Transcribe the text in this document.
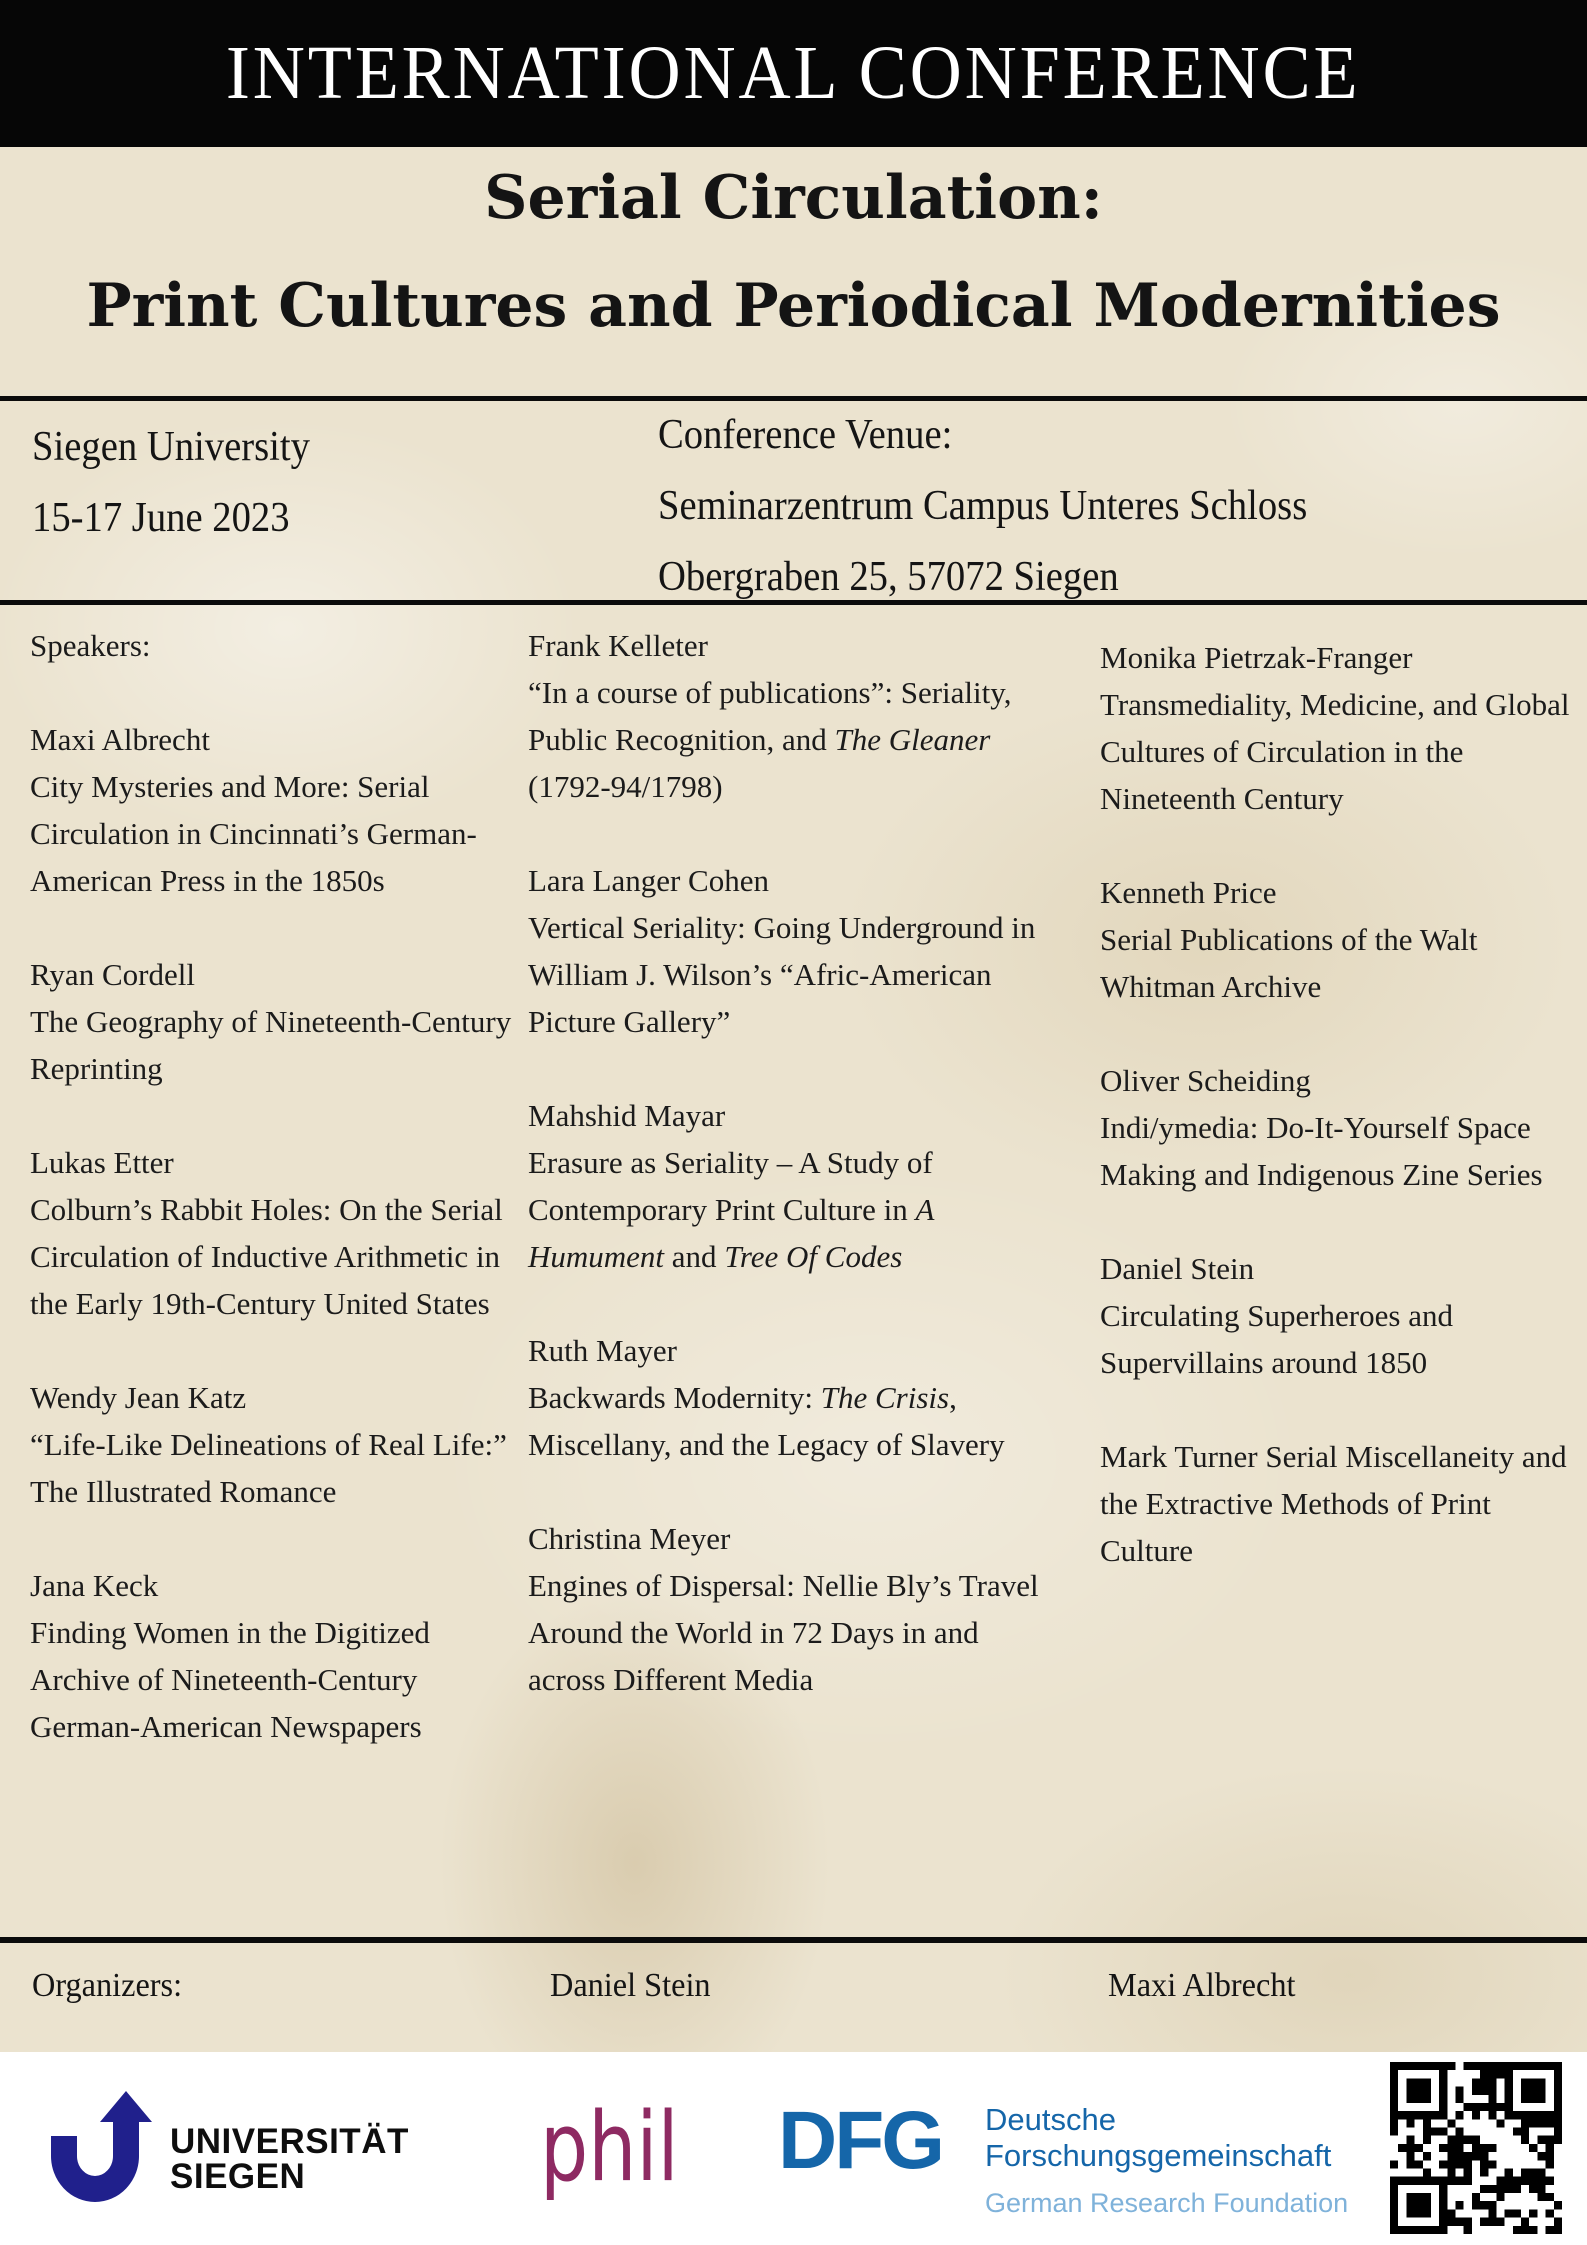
INTERNATIONAL CONFERENCE
Serial Circulation:
Print Cultures and Periodical Modernities
Siegen University
15-17 June 2023
Conference Venue:
Seminarzentrum Campus Unteres Schloss
Obergraben 25, 57072 Siegen

Speakers:

Maxi Albrecht
City Mysteries and More: Serial Circulation in Cincinnati’s German-American Press in the 1850s

Ryan Cordell
The Geography of Nineteenth-Century Reprinting

Lukas Etter
Colburn’s Rabbit Holes: On the Serial Circulation of Inductive Arithmetic in the Early 19th-Century United States

Wendy Jean Katz
“Life-Like Delineations of Real Life:” The Illustrated Romance

Jana Keck
Finding Women in the Digitized Archive of Nineteenth-Century German-American Newspapers

Frank Kelleter
“In a course of publications”: Seriality, Public Recognition, and The Gleaner (1792-94/1798)

Lara Langer Cohen
Vertical Seriality: Going Underground in William J. Wilson’s “Afric-American Picture Gallery”

Mahshid Mayar
Erasure as Seriality – A Study of Contemporary Print Culture in A Humument and Tree Of Codes

Ruth Mayer
Backwards Modernity: The Crisis, Miscellany, and the Legacy of Slavery

Christina Meyer
Engines of Dispersal: Nellie Bly’s Travel Around the World in 72 Days in and across Different Media

Monika Pietrzak-Franger
Transmediality, Medicine, and Global Cultures of Circulation in the Nineteenth Century

Kenneth Price
Serial Publications of the Walt Whitman Archive

Oliver Scheiding
Indi/ymedia: Do-It-Yourself Space Making and Indigenous Zine Series

Daniel Stein
Circulating Superheroes and Supervillains around 1850

Mark Turner Serial Miscellaneity and the Extractive Methods of Print Culture

Organizers:	Daniel Stein	Maxi Albrecht
UNIVERSITÄT
SIEGEN	phil DFG Deutsche
Forschungsgemeinschaft
German Research Foundation
